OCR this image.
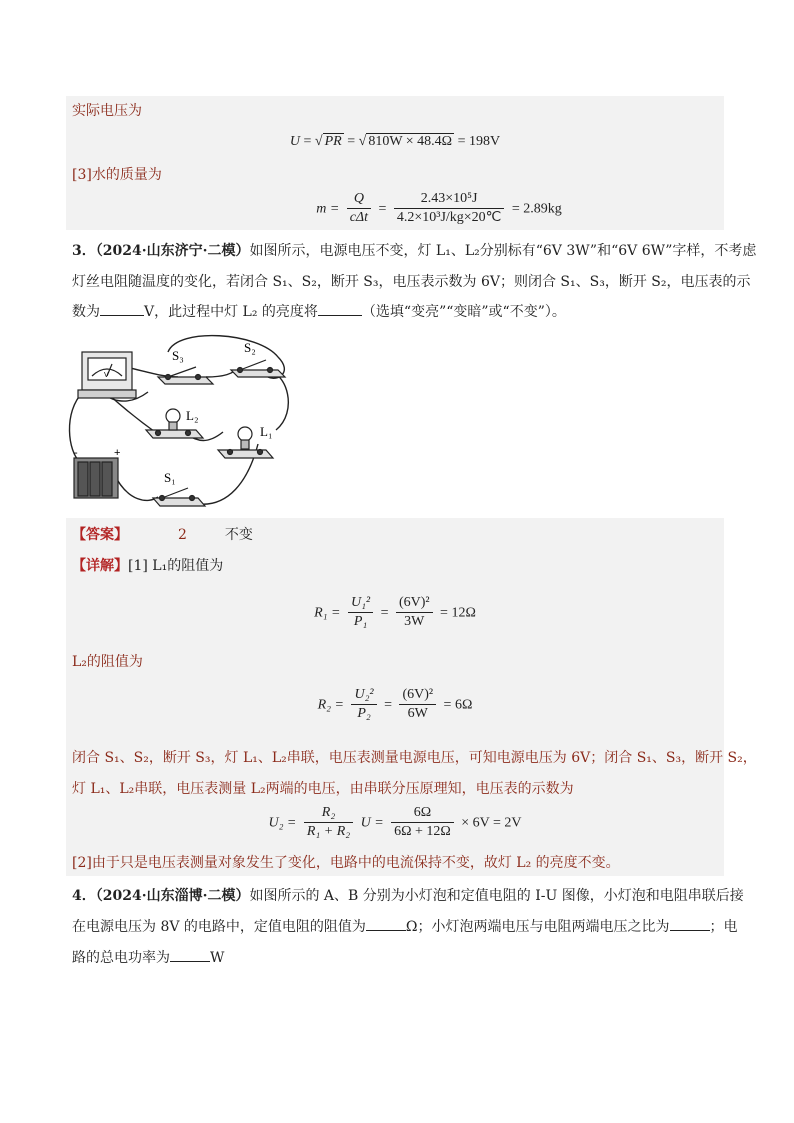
实际电压为
U = √ PR = √ 810W × 48.4Ω = 198V
[3]水的质量为
$m = \frac{Q}{\text{cΔt}} = \frac{\text{2.43×10⁵J}}{\text{4.2×10³J/kg×20℃}} = 2.89kg$
3．（2024·山东济宁·二模）如图所示，电源电压不变，灯 L₁、L₂分别标有“6V 3W”和“6V 6W”字样，不考虑
灯丝电阻随温度的变化，若闭合 S₁、S₂，断开 S₃，电压表示数为 6V；则闭合 S₁、S₃，断开 S₂，电压表的示
数为	V，此过程中灯 L₂ 的亮度将	（选填“变亮”“变暗”或“不变”）。
V
S₃
S₂
L₂
L₁
-	+
S₁
【答案】	2	不变
【详解】[1] L₁的阻值为
$R_1 = \frac{\text{U₁²}}{\text{P₁}} = \frac{\text{(6V)²}}{3W} = 12\Omega$
L₂的阻值为
$R_2 = \frac{\text{U₂²}}{\text{P₂}} = \frac{\text{(6V)²}}{6W} = 6\Omega$
闭合 S₁、S₂，断开 S₃，灯 L₁、L₂串联，电压表测量电源电压，可知电源电压为 6V；闭合 S₁、S₃，断开 S₂，
灯 L₁、L₂串联，电压表测量 L₂两端的电压，由串联分压原理知，电压表的示数为
$U_2 = \frac{\text{R₂}}{\text{R₁ + R₂}}$ $U = \frac{6\Omega}{6\Omega + 12\Omega} \times 6V = 2V$
[2]由于只是电压表测量对象发生了变化，电路中的电流保持不变，故灯 L₂ 的亮度不变。
4．（2024·山东淄博·二模）如图所示的 A、B 分别为小灯泡和定值电阻的 I-U 图像，小灯泡和电阻串联后接
在电源电压为 8V 的电路中，定值电阻的阻值为	Ω；小灯泡两端电压与电阻两端电压之比为	；电
路的总电功率为	W
